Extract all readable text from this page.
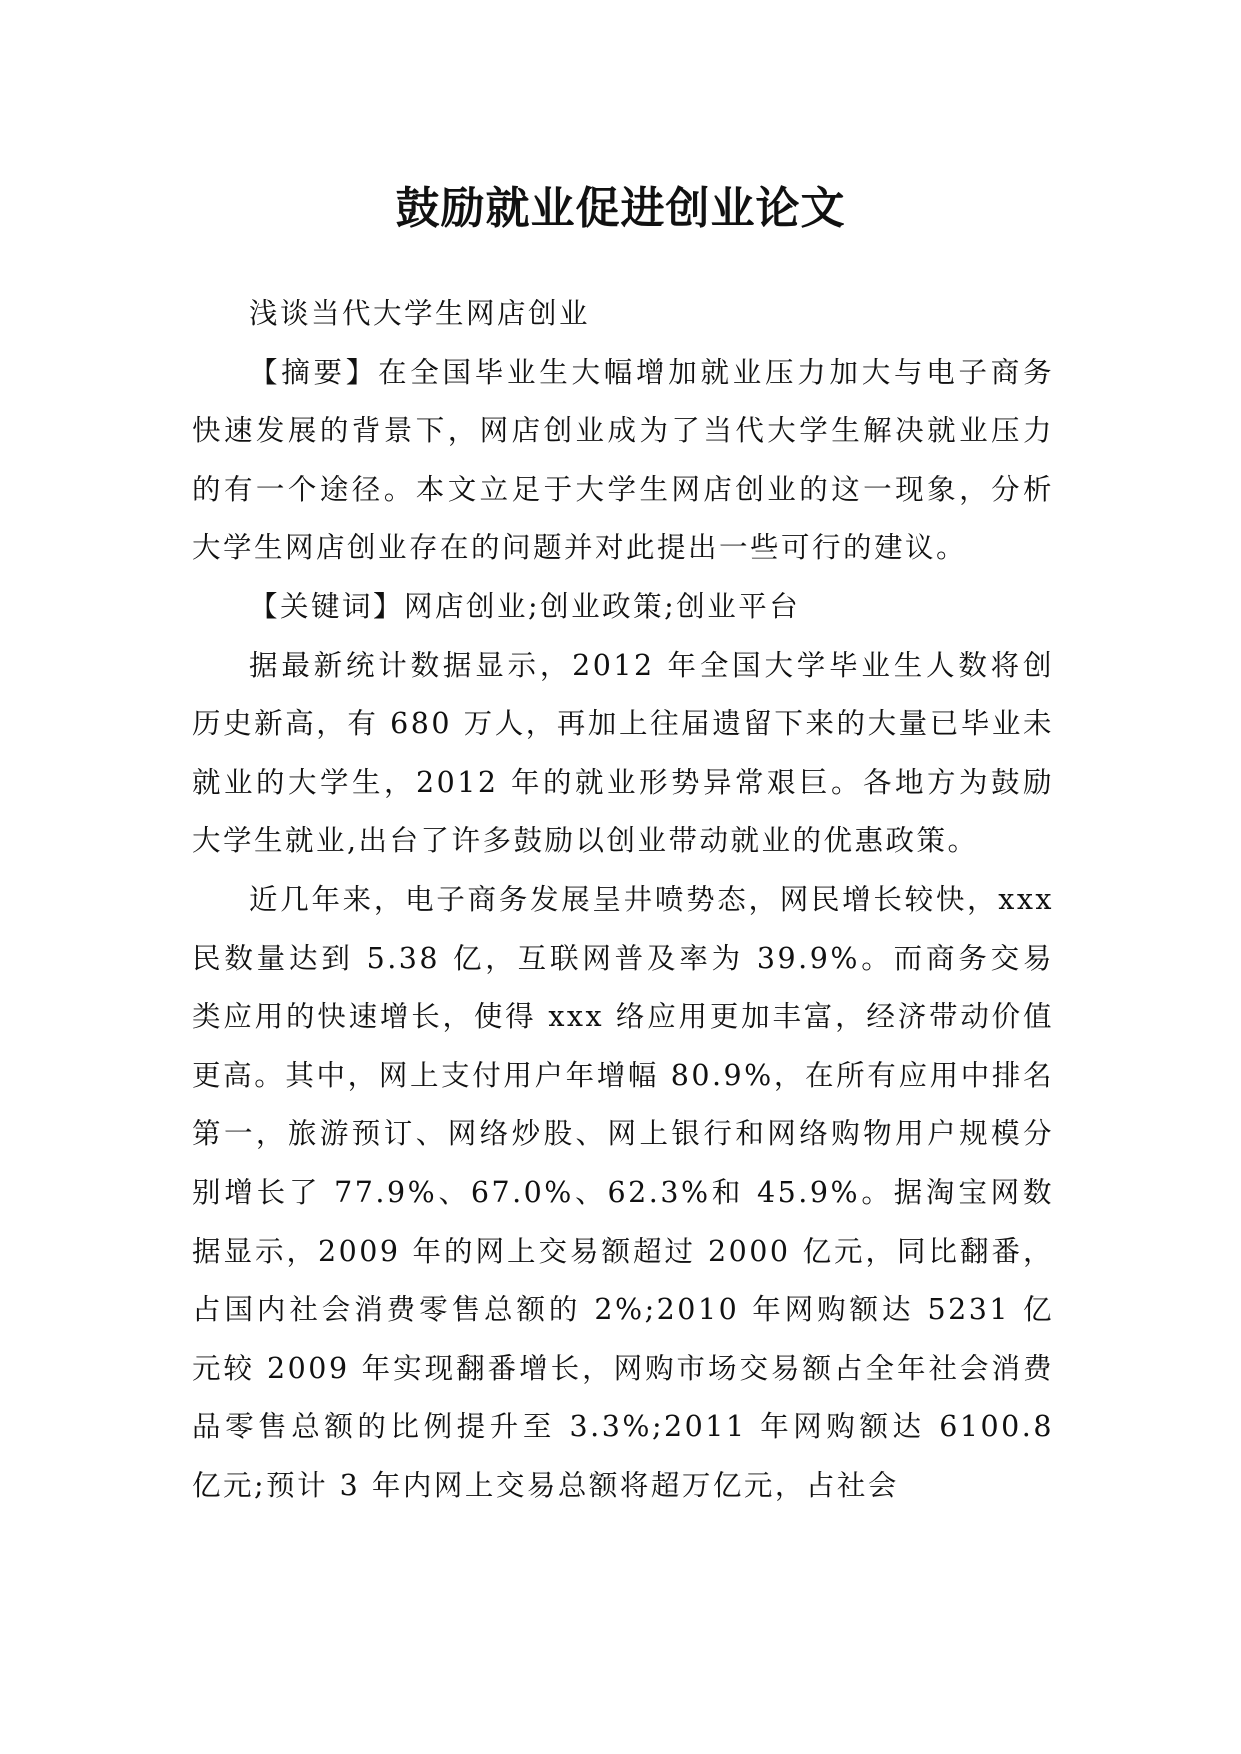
鼓励就业促进创业论文

浅谈当代大学生网店创业

【摘要】在全国毕业生大幅增加就业压力加大与电子商务快速发展的背景下，网店创业成为了当代大学生解决就业压力的有一个途径。本文立足于大学生网店创业的这一现象，分析大学生网店创业存在的问题并对此提出一些可行的建议。

【关键词】网店创业;创业政策;创业平台

据最新统计数据显示，2012 年全国大学毕业生人数将创历史新高，有 680 万人，再加上往届遗留下来的大量已毕业未就业的大学生，2012 年的就业形势异常艰巨。各地方为鼓励大学生就业,出台了许多鼓励以创业带动就业的优惠政策。

近几年来，电子商务发展呈井喷势态，网民增长较快，xxx 民数量达到 5.38 亿，互联网普及率为 39.9%。而商务交易类应用的快速增长，使得 xxx 络应用更加丰富，经济带动价值更高。其中，网上支付用户年增幅 80.9%，在所有应用中排名第一，旅游预订、网络炒股、网上银行和网络购物用户规模分别增长了 77.9%、67.0%、62.3%和 45.9%。据淘宝网数据显示，2009 年的网上交易额超过 2000 亿元，同比翻番，占国内社会消费零售总额的 2%;2010 年网购额达 5231 亿元较 2009 年实现翻番增长，网购市场交易额占全年社会消费品零售总额的比例提升至 3.3%;2011 年网购额达 6100.8 亿元;预计 3 年内网上交易总额将超万亿元，占社会
